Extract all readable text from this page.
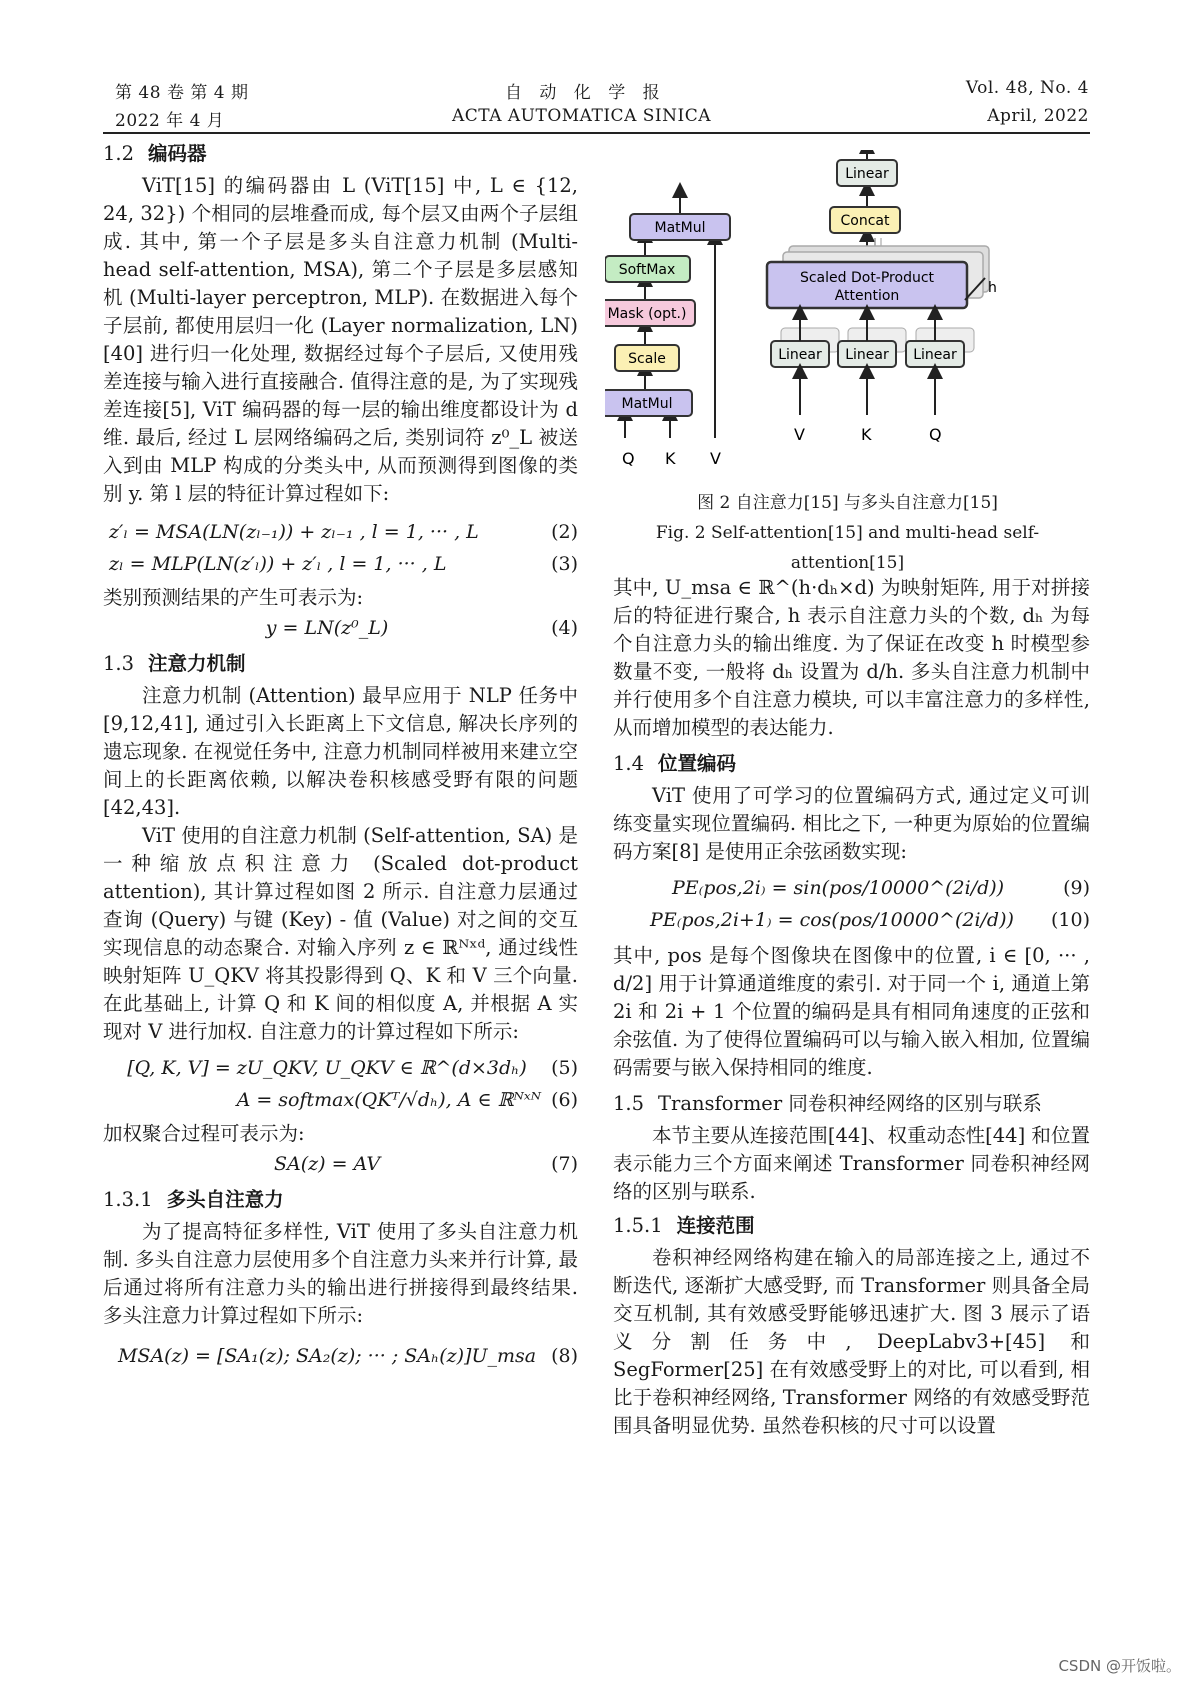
第 48 卷 第 4 期
2022 年 4 月
自 动 化 学 报
ACTA AUTOMATICA SINICA
Vol. 48, No. 4
April, 2022

1.2 编码器

ViT[15] 的编码器由 L (ViT[15] 中, L ∈ {12, 24, 32}) 个相同的层堆叠而成, 每个层又由两个子层组成. 其中, 第一个子层是多头自注意力机制 (Multi-head self-attention, MSA), 第二个子层是多层感知机 (Multi-layer perceptron, MLP). 在数据进入每个子层前, 都使用层归一化 (Layer normalization, LN)[40] 进行归一化处理, 数据经过每个子层后, 又使用残差连接与输入进行直接融合. 值得注意的是, 为了实现残差连接[5], ViT 编码器的每一层的输出维度都设计为 d 维. 最后, 经过 L 层网络编码之后, 类别词符 z⁰_L 被送入到由 MLP 构成的分类头中, 从而预测得到图像的类别 y. 第 l 层的特征计算过程如下:

z′ₗ = MSA(LN(zₗ₋₁)) + zₗ₋₁ , l = 1, ··· , L	(2)
zₗ = MLP(LN(z′ₗ)) + z′ₗ , l = 1, ··· , L	(3)

类别预测结果的产生可表示为:

y = LN(z⁰_L)	(4)

1.3 注意力机制

注意力机制 (Attention) 最早应用于 NLP 任务中[9,12,41], 通过引入长距离上下文信息, 解决长序列的遗忘现象. 在视觉任务中, 注意力机制同样被用来建立空间上的长距离依赖, 以解决卷积核感受野有限的问题[42,43].

ViT 使用的自注意力机制 (Self-attention, SA) 是一种缩放点积注意力 (Scaled dot-product attention), 其计算过程如图 2 所示. 自注意力层通过查询 (Query) 与键 (Key) - 值 (Value) 对之间的交互实现信息的动态聚合. 对输入序列 z ∈ ℝᴺˣᵈ, 通过线性映射矩阵 U_QKV 将其投影得到 Q、K 和 V 三个向量. 在此基础上, 计算 Q 和 K 间的相似度 A, 并根据 A 实现对 V 进行加权. 自注意力的计算过程如下所示:

[Q, K, V] = zU_QKV, U_QKV ∈ ℝ^(d×3dₕ)	(5)
A = softmax(QKᵀ/√dₕ), A ∈ ℝᴺˣᴺ (6)

加权聚合过程可表示为:

SA(z) = AV	(7)

1.3.1 多头自注意力

为了提高特征多样性, ViT 使用了多头自注意力机制. 多头自注意力层使用多个自注意力头来并行计算, 最后通过将所有注意力头的输出进行拼接得到最终结果. 多头注意力计算过程如下所示:

MSA(z) = [SA₁(z); SA₂(z); ··· ; SAₕ(z)]U_msa (8)
MatMul
SoftMax
Mask (opt.)
Scale
MatMul
Q K V
Linear
Concat
Scaled Dot-Product
Attention	h
Linear Linear Linear
V	K	Q
图 2 自注意力[15] 与多头自注意力[15]
Fig. 2 Self-attention[15] and multi-head self-attention[15]

其中, U_msa ∈ ℝ^(h·dₕ×d) 为映射矩阵, 用于对拼接后的特征进行聚合, h 表示自注意力头的个数, dₕ 为每个自注意力头的输出维度. 为了保证在改变 h 时模型参数量不变, 一般将 dₕ 设置为 d/h. 多头自注意力机制中并行使用多个自注意力模块, 可以丰富注意力的多样性, 从而增加模型的表达能力.

1.4 位置编码

ViT 使用了可学习的位置编码方式, 通过定义可训练变量实现位置编码. 相比之下, 一种更为原始的位置编码方案[8] 是使用正余弦函数实现:

PE₍pos,2i₎ = sin(pos/10000^(2i/d))	(9)
PE₍pos,2i+1₎ = cos(pos/10000^(2i/d))	(10)

其中, pos 是每个图像块在图像中的位置, i ∈ [0, ··· , d/2] 用于计算通道维度的索引. 对于同一个 i, 通道上第 2i 和 2i + 1 个位置的编码是具有相同角速度的正弦和余弦值. 为了使得位置编码可以与输入嵌入相加, 位置编码需要与嵌入保持相同的维度.

1.5 Transformer 同卷积神经网络的区别与联系

本节主要从连接范围[44]、权重动态性[44] 和位置表示能力三个方面来阐述 Transformer 同卷积神经网络的区别与联系.

1.5.1 连接范围

卷积神经网络构建在输入的局部连接之上, 通过不断迭代, 逐渐扩大感受野, 而 Transformer 则具备全局交互机制, 其有效感受野能够迅速扩大. 图 3 展示了语义分割任务中, DeepLabv3+[45] 和 SegFormer[25] 在有效感受野上的对比, 可以看到, 相比于卷积神经网络, Transformer 网络的有效感受野范围具备明显优势. 虽然卷积核的尺寸可以设置

CSDN @开饭啦。
